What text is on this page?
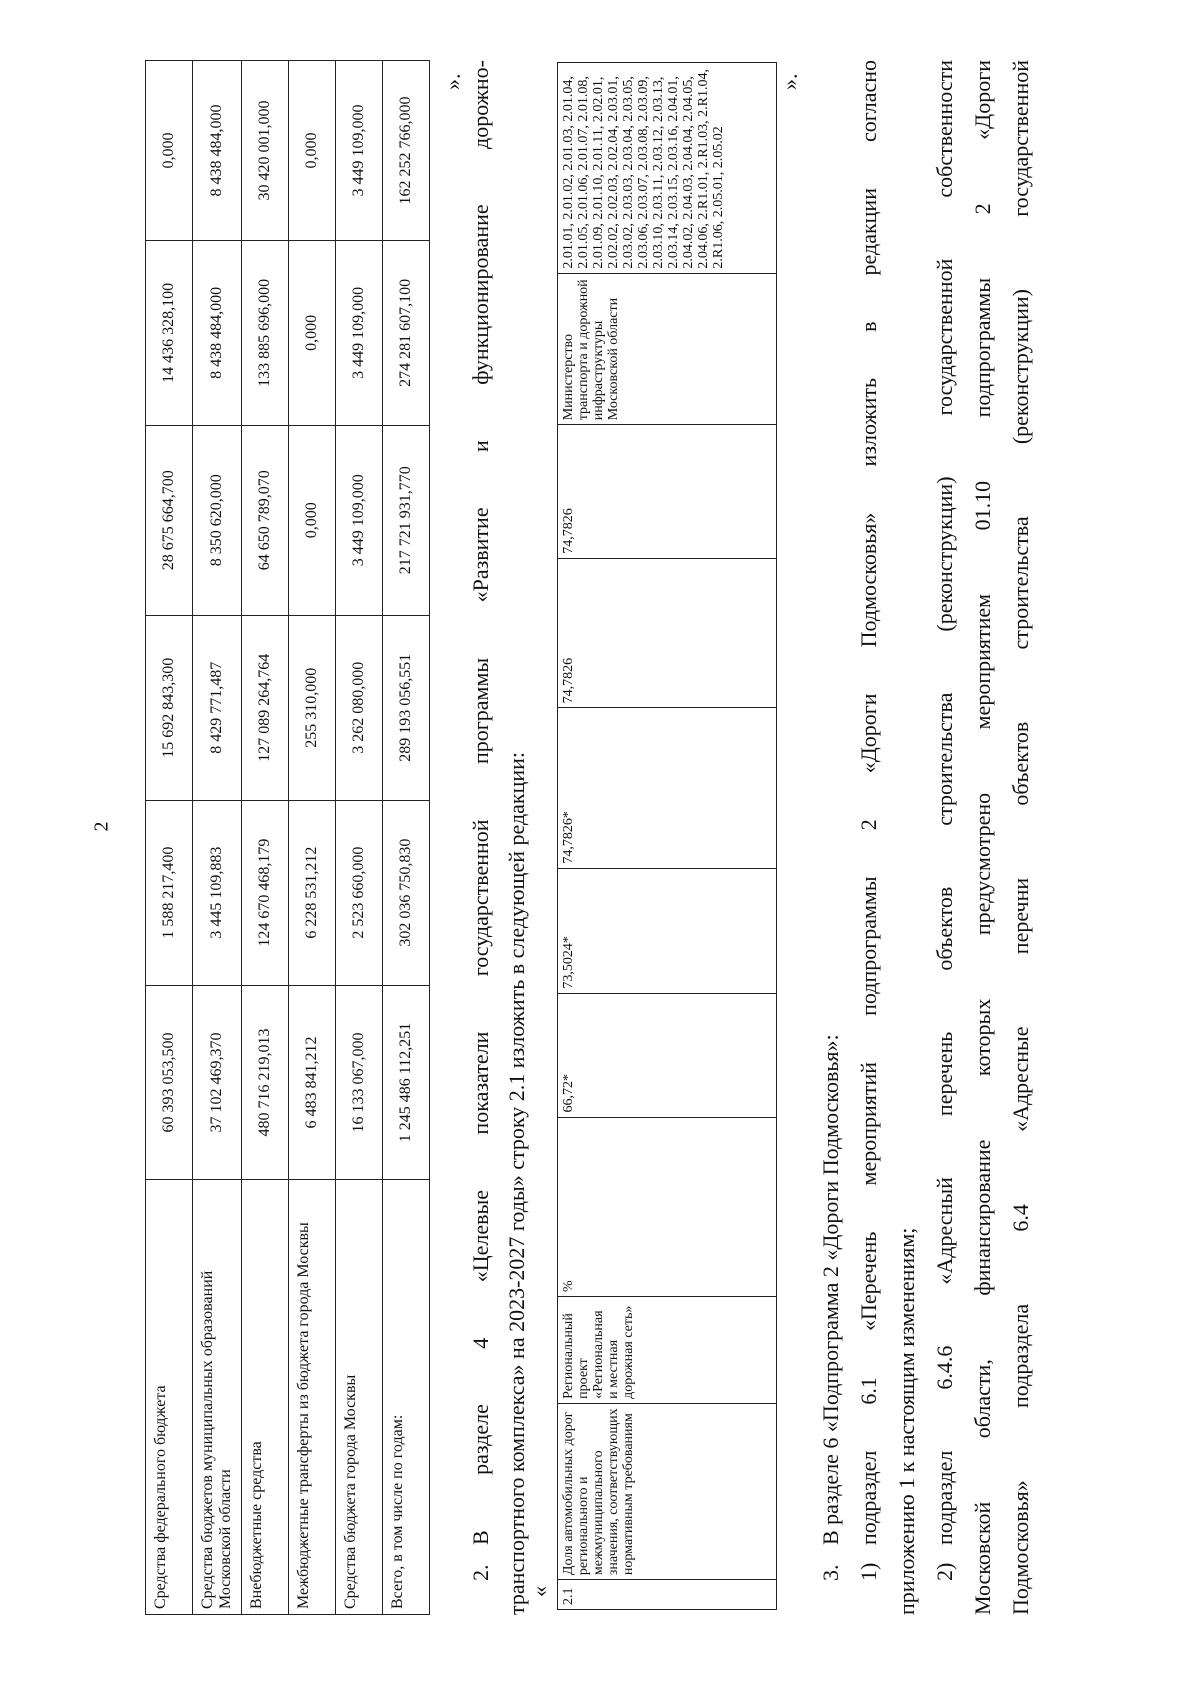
2
Средства федерального бюджета	60 393 053,500	1 588 217,400	15 692 843,300	28 675 664,700	14 436 328,100	0,000
Средства бюджетов муниципальных образований Московской области	37 102 469,370	3 445 109,883	8 429 771,487	8 350 620,000	8 438 484,000	8 438 484,000
Внебюджетные средства	480 716 219,013	124 670 468,179	127 089 264,764	64 650 789,070	133 885 696,000	30 420 001,000
Межбюджетные трансферты из бюджета города Москвы	6 483 841,212	6 228 531,212	255 310,000	0,000	0,000	0,000
Средства бюджета города Москвы	16 133 067,000	2 523 660,000	3 262 080,000	3 449 109,000	3 449 109,000	3 449 109,000
Всего, в том числе по годам:	1 245 486 112,251	302 036 750,830	289 193 056,551	217 721 931,770	274 281 607,100	162 252 766,000
».
2.В разделе 4 «Целевые показатели государственной программы «Развитие и функционирование дорожно- транспортного комплекса» на 2023-2027 годы» строку 2.1 изложить в следующей редакции:
« 2.1	Доля автомобильных дорог регионального и межмуниципального значения, соответствующих нормативным требованиям	Региональный проект «Региональная и местная дорожная сеть»	%	66,72*	73,5024*	74,7826*	74,7826	74,7826	Министерство транспорта и дорожной инфраструктуры Московской области	2.01.01, 2.01.02, 2.01.03, 2.01.04, 2.01.05, 2.01.06, 2.01.07, 2.01.08, 2.01.09, 2.01.10, 2.01.11, 2.02.01, 2.02.02, 2.02.03, 2.02.04, 2.03.01, 2.03.02, 2.03.03, 2.03.04, 2.03.05, 2.03.06, 2.03.07, 2.03.08, 2.03.09, 2.03.10, 2.03.11, 2.03.12, 2.03.13, 2.03.14, 2.03.15, 2.03.16, 2.04.01, 2.04.02, 2.04.03, 2.04.04, 2.04.05, 2.04.06, 2.R1.01, 2.R1.03, 2.R1.04, 2.R1.06, 2.05.01, 2.05.02
».
3.В разделе 6 «Подпрограмма 2 «Дороги Подмосковья»:
1)подраздел 6.1 «Перечень мероприятий подпрограммы 2 «Дороги Подмосковья» изложить в редакции согласно приложению 1 к настоящим изменениям; 2)подраздел 6.4.6 «Адресный перечень объектов строительства (реконструкции) государственной собственности Московской области, финансирование которых предусмотрено мероприятием 01.10 подпрограммы 2 «Дороги Подмосковья» подраздела 6.4 «Адресные перечни объектов строительства (реконструкции) государственной
